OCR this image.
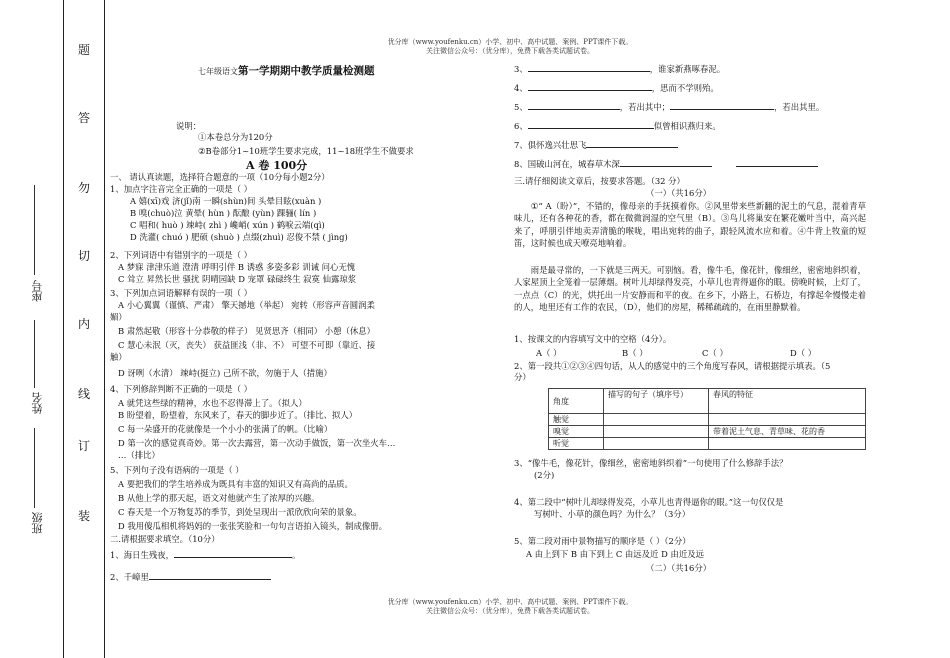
优分库（www.youfenku.cn）小学、初中、高中试题、案例、PPT课件下载。
关注微信公众号：（优分库），免费下载各类试题试卷。
优分库（www.youfenku.cn）小学、初中、高中试题、案例、PPT课件下载。
关注微信公众号：（优分库），免费下载各类试题试卷。
题
答
勿
切
内
线
订
装
座号
姓名
班级
七年级语文第一学期期中教学质量检测题
说明：
①本卷总分为120分
②B卷部分1~10班学生要求完成，11~18班学生不做要求
A 卷 100分
一、 请认真读题，选择符合题意的一项（10分每小题2分）
1、加点字注音完全正确的一项是（ ）
A 嬉(xī)戏 济(jǐ)南 一瞬(shùn)间 头晕目眩(xuàn )
B 嗅(chuò)泣 黄晕( hùn ) 酝酿 (yùn) 踝骊( lín )
C 唱和( huò ) 竦峙( zhì ) 巉峭( xún ) 鹤唳云端(qì)
D 洗灌( chuó ) 肥硕 (shuò ) 点缀(zhuì) 忍俊不禁 ( jìng)
2、下列词语中有错别字的一项是（ ）
A 梦寐 津津乐道 澄清 呼明引伴 B 诱惑 多姿多彩 训诫 问心无愧
C 耸立 昇然长世 骚扰 阴晴园缺 D 宠罩 碌碌终生 寂寞 仙露琼浆
3、下列加点词语解释有误的一项（ ）
A 小心翼翼（谨慎、严肃） 擎天撼地（举起） 宛转（形容声音圆润柔
媚）
B 肃然起敬（形容十分恭敬的样子） 见贤思齐（相同） 小憩（休息）
C 慧心未泯（灭，丧失） 获益匪浅（非、不） 可望不可即（靠近、接
触）
D 讶咧（水清） 竦峙(挺立) 己所不欲，勿施于人（措施）
4、下列修辞判断不正确的一项是（ ）
A 就凭这些绿的精神，水也不忍得滞上了。（拟人）
B 盼望着，盼望着，东风来了，春天的脚步近了。（排比、拟人）
C 每一朵盛开的花就像是一个小小的张满了的帆。（比喻）
D 第一次的感觉真奇妙。第一次去露营，第一次动手做饭，第一次坐火车…
…（排比）
5、下列句子没有语病的一项是（ ）
A 要把我们的学生培养成为既具有丰富的知识又有高尚的品质。
B 从他上学的那天起，语文对他就产生了浓厚的兴趣。
C 春天是一个万物复苏的季节，到处呈现出一派欣欣向荣的景象。
D 我用傻瓜相机将妈妈的一张张笑脸和一句句言语拍入镜头，制成像册。
二.请根据要求填空。（10分）
1、海日生残夜，	。
2、千嶂里
3、	，谁家新燕啄春泥。
4、	，思而不学则殆。
5、	，若出其中；	，若出其里。
6、	似曾相识燕归来。
7、俱怀逸兴壮思飞
8、国破山河在，城春草木深
三.请仔细阅读文章后，按要求答题。（32 分）
（一）（共16分）
①“ A（盼）”，不错的，像母亲的手抚摸着你。②风里带来些新翻的泥土的气息，混着青草味儿，还有各种花的香，都在微微润湿的空气里（B）。③鸟儿将巢安在繁花嫩叶当中，高兴起来了，呼朋引伴地卖弄清脆的喉咙，唱出宛转的曲子，跟轻风流水应和着。④牛背上牧童的短笛，这时候也成天嘹亮地响着。
雨是最寻常的，一下就是三两天。可别恼。看，像牛毛，像花针，像细丝，密密地斜织着，人家屋顶上全笼着一层薄烟。树叶儿却绿得发亮，小草儿也青得逼你的眼。傍晚时候，上灯了，一点点（C）的光，烘托出一片安静而和平的夜。在乡下，小路上，石桥边，有撑起伞慢慢走着的人，地里还有工作的农民，（D），他们的房屋，稀稀疏疏的，在雨里静默着。
1、按课文的内容填写文中的空格（4分）。
A（ ）	B（ ）	C（ ）	D（ ）
2、第一段共①②③④四句话，从人的感觉中的三个角度写春风，请根据提示填表。（5
分）
角度	描写的句子（填序号）	春风的特征
触觉		
嗅觉		带着泥土气息、青草味、花的香
听觉		
3、“像牛毛，像花针，像细丝，密密地斜织着”一句使用了什么修辞手法？
(2分)
4、第二段中“树叶儿却绿得发亮，小草儿也青得逼你的眼。”这一句仅仅是
写树叶、小草的颜色吗？为什么？（3分）
5、第二段对雨中景物描写的顺序是（ ）（2分）
A 由上到下 B 由下到上 C 由远及近 D 由近及远
（二）（共16分）
